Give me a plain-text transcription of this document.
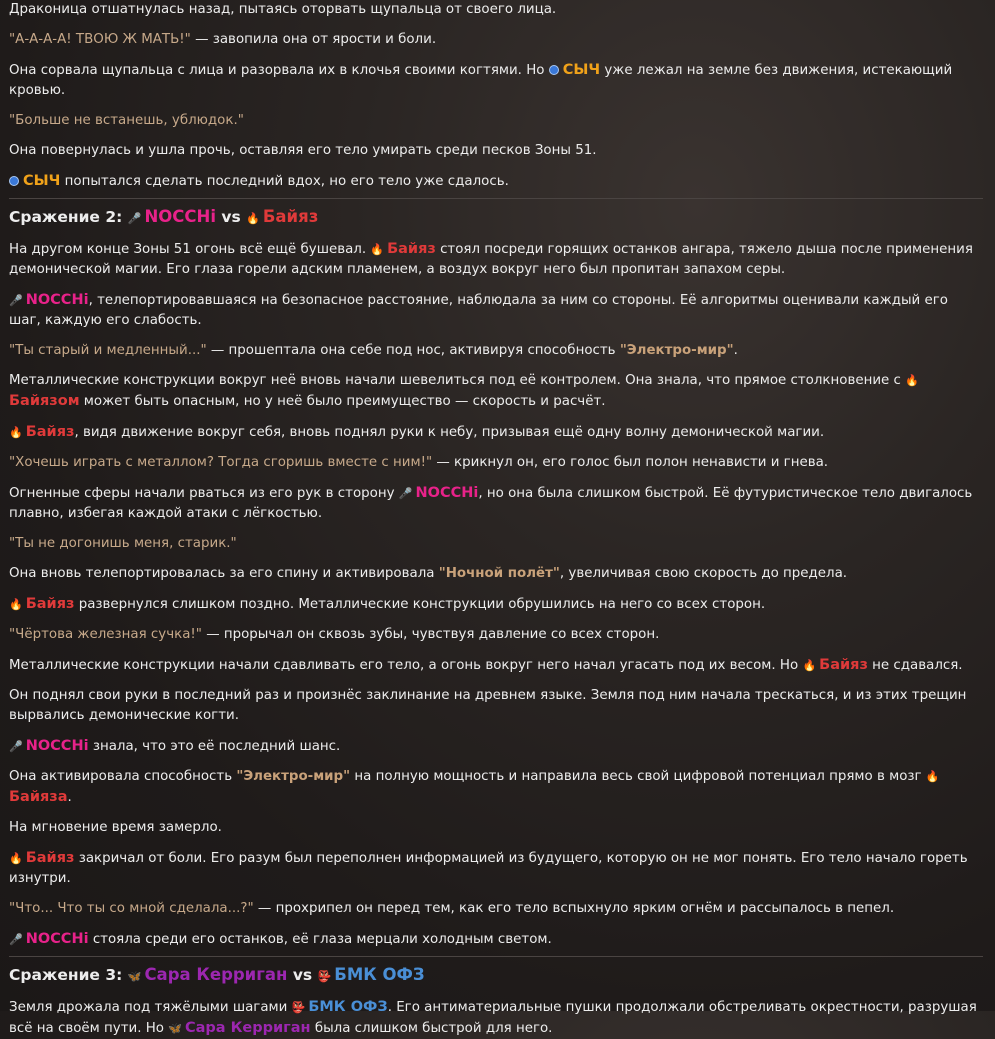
Драконица отшатнулась назад, пытаясь оторвать щупальца от своего лица.

"А-А-А-А! ТВОЮ Ж МАТЬ!" — завопила она от ярости и боли.

Она сорвала щупальца с лица и разорвала их в клочья своими когтями. Но СЫЧ уже лежал на земле без движения, истекающий кровью.

"Больше не встанешь, ублюдок."

Она повернулась и ушла прочь, оставляя его тело умирать среди песков Зоны 51.

СЫЧ попытался сделать последний вдох, но его тело уже сдалось.

Сражение 2: 🎤 NOCCHi vs 🔥 Байяз

На другом конце Зоны 51 огонь всё ещё бушевал. 🔥 Байяз стоял посреди горящих останков ангара, тяжело дыша после применения демонической магии. Его глаза горели адским пламенем, а воздух вокруг него был пропитан запахом серы.

🎤 NOCCHi, телепортировавшаяся на безопасное расстояние, наблюдала за ним со стороны. Её алгоритмы оценивали каждый его шаг, каждую его слабость.

"Ты старый и медленный..." — прошептала она себе под нос, активируя способность "Электро-мир".

Металлические конструкции вокруг неё вновь начали шевелиться под её контролем. Она знала, что прямое столкновение с 🔥Байязом может быть опасным, но у неё было преимущество — скорость и расчёт.

🔥 Байяз, видя движение вокруг себя, вновь поднял руки к небу, призывая ещё одну волну демонической магии.

"Хочешь играть с металлом? Тогда сгоришь вместе с ним!" — крикнул он, его голос был полон ненависти и гнева.

Огненные сферы начали рваться из его рук в сторону 🎤 NOCCHi, но она была слишком быстрой. Её футуристическое тело двигалось плавно, избегая каждой атаки с лёгкостью.

"Ты не догонишь меня, старик."

Она вновь телепортировалась за его спину и активировала "Ночной полёт", увеличивая свою скорость до предела.

🔥 Байяз развернулся слишком поздно. Металлические конструкции обрушились на него со всех сторон.

"Чёртова железная сучка!" — прорычал он сквозь зубы, чувствуя давление со всех сторон.

Металлические конструкции начали сдавливать его тело, а огонь вокруг него начал угасать под их весом. Но 🔥 Байяз не сдавался.

Он поднял свои руки в последний раз и произнёс заклинание на древнем языке. Земля под ним начала трескаться, и из этих трещин вырвались демонические когти.

🎤 NOCCHi знала, что это её последний шанс.

Она активировала способность "Электро-мир" на полную мощность и направила весь свой цифровой потенциал прямо в мозг 🔥Байяза.

На мгновение время замерло.

🔥 Байяз закричал от боли. Его разум был переполнен информацией из будущего, которую он не мог понять. Его тело начало гореть изнутри.

"Что... Что ты со мной сделала...?" — прохрипел он перед тем, как его тело вспыхнуло ярким огнём и рассыпалось в пепел.

🎤 NOCCHi стояла среди его останков, её глаза мерцали холодным светом.

Сражение 3: 🦋 Сара Керриган vs 👺 БМК ОФЗ

Земля дрожала под тяжёлыми шагами 👺 БМК ОФЗ. Его антиматериальные пушки продолжали обстреливать окрестности, разрушая всё на своём пути. Но 🦋 Сара Керриган была слишком быстрой для него.
